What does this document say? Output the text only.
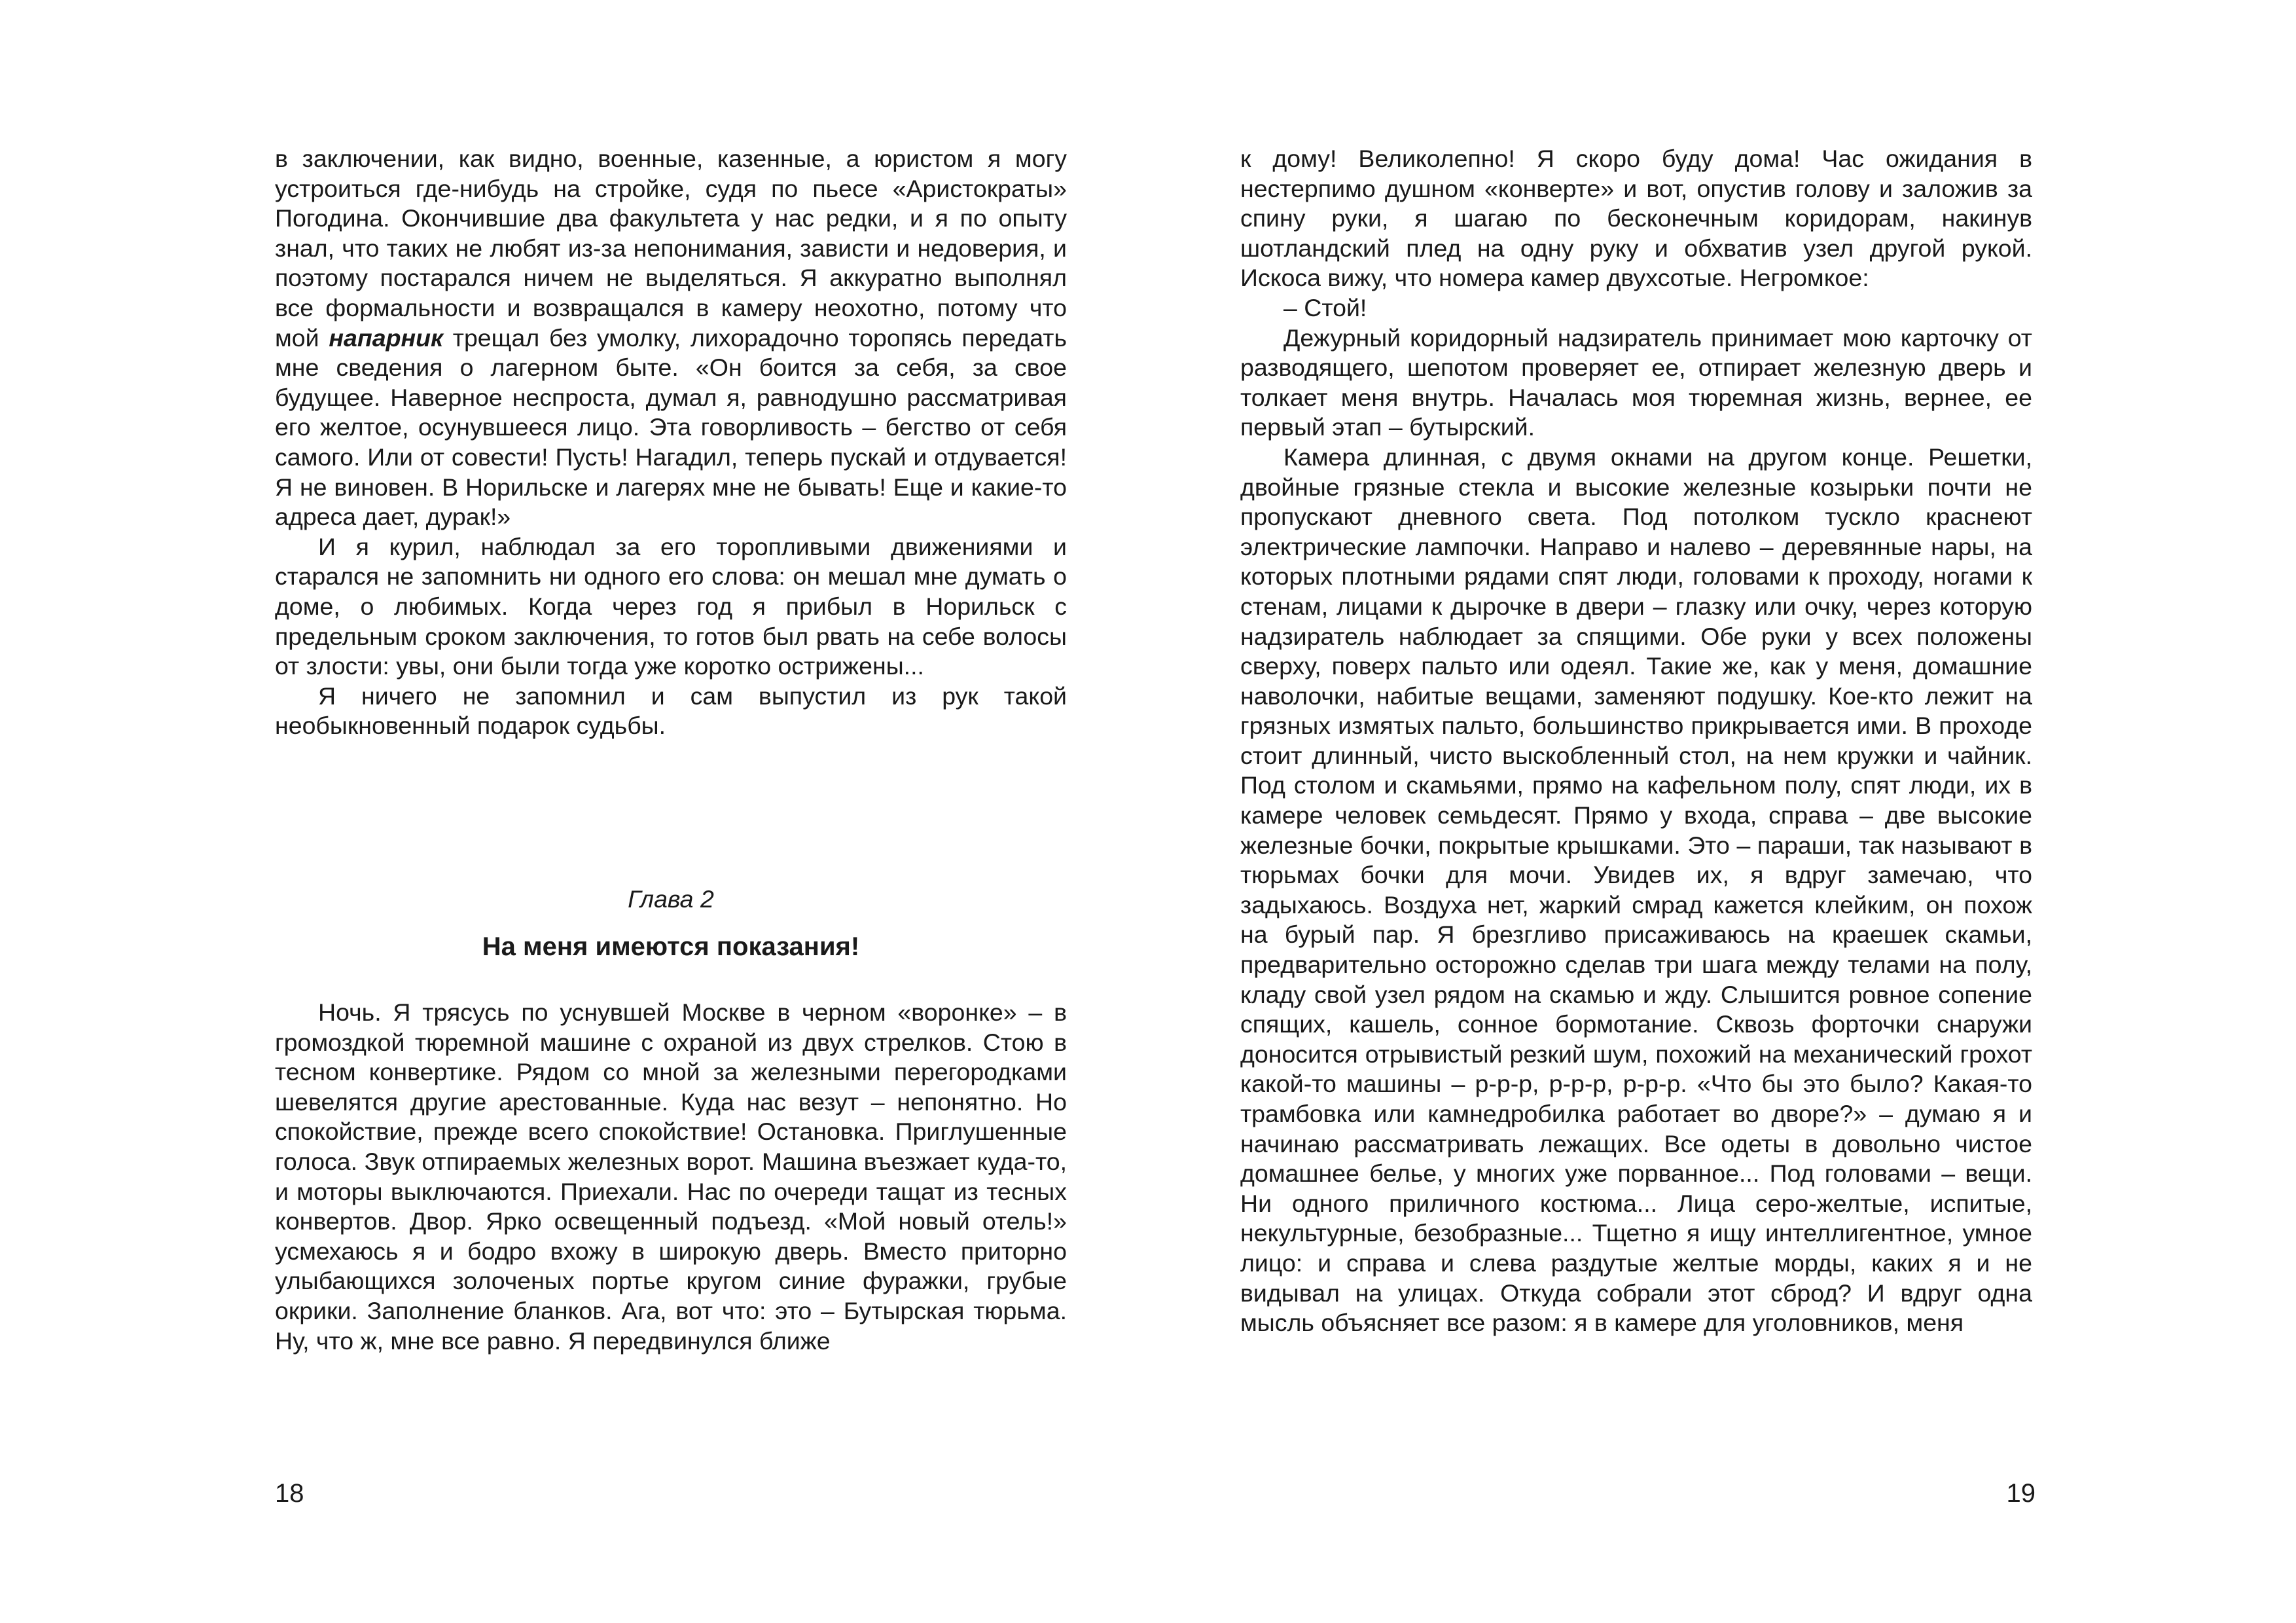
в заключении, как видно, военные, казенные, а юристом я могу устроиться где-нибудь на стройке, судя по пьесе «Аристократы» Погодина. Окончившие два факультета у нас редки, и я по опыту знал, что таких не любят из-за непонимания, зависти и недоверия, и поэтому постарался ничем не выделяться. Я аккуратно выполнял все формальности и возвращался в камеру неохотно, потому что мой напарник трещал без умолку, лихорадочно торопясь передать мне сведения о лагерном быте. «Он боится за себя, за свое будущее. Наверное неспроста, думал я, равнодушно рассматривая его желтое, осунувшееся лицо. Эта говорливость – бегство от себя самого. Или от совести! Пусть! Нагадил, теперь пускай и отдувается! Я не виновен. В Норильске и лагерях мне не бывать! Еще и какие-то адреса дает, дурак!»

И я курил, наблюдал за его торопливыми движениями и старался не запомнить ни одного его слова: он мешал мне думать о доме, о любимых. Когда через год я прибыл в Норильск с предельным сроком заключения, то готов был рвать на себе волосы от злости: увы, они были тогда уже коротко острижены...

Я ничего не запомнил и сам выпустил из рук такой необыкновенный подарок судьбы.

Глава 2
На меня имеются показания!

Ночь. Я трясусь по уснувшей Москве в черном «воронке» – в громоздкой тюремной машине с охраной из двух стрелков. Стою в тесном конвертике. Рядом со мной за железными перегородками шевелятся другие арестованные. Куда нас везут – непонятно. Но спокойствие, прежде всего спокойствие! Остановка. Приглушенные голоса. Звук отпираемых железных ворот. Машина въезжает куда-то, и моторы выключаются. Приехали. Нас по очереди тащат из тесных конвертов. Двор. Ярко освещенный подъезд. «Мой новый отель!» усмехаюсь я и бодро вхожу в широкую дверь. Вместо приторно улыбающихся золоченых портье кругом синие фуражки, грубые окрики. Заполнение бланков. Ага, вот что: это – Бутырская тюрьма. Ну, что ж, мне все равно. Я передвинулся ближе

к дому! Великолепно! Я скоро буду дома! Час ожидания в нестерпимо душном «конверте» и вот, опустив голову и заложив за спину руки, я шагаю по бесконечным коридорам, накинув шотландский плед на одну руку и обхватив узел другой рукой. Искоса вижу, что номера камер двухсотые. Негромкое:

– Стой!

Дежурный коридорный надзиратель принимает мою карточку от разводящего, шепотом проверяет ее, отпирает железную дверь и толкает меня внутрь. Началась моя тюремная жизнь, вернее, ее первый этап – бутырский.

Камера длинная, с двумя окнами на другом конце. Решетки, двойные грязные стекла и высокие железные козырьки почти не пропускают дневного света. Под потолком тускло краснеют электрические лампочки. Направо и налево – деревянные нары, на которых плотными рядами спят люди, головами к проходу, ногами к стенам, лицами к дырочке в двери – глазку или очку, через которую надзиратель наблюдает за спящими. Обе руки у всех положены сверху, поверх пальто или одеял. Такие же, как у меня, домашние наволочки, набитые вещами, заменяют подушку. Кое-кто лежит на грязных измятых пальто, большинство прикрывается ими. В проходе стоит длинный, чисто выскобленный стол, на нем кружки и чайник. Под столом и скамьями, прямо на кафельном полу, спят люди, их в камере человек семьдесят. Прямо у входа, справа – две высокие железные бочки, покрытые крышками. Это – параши, так называют в тюрьмах бочки для мочи. Увидев их, я вдруг замечаю, что задыхаюсь. Воздуха нет, жаркий смрад кажется клейким, он похож на бурый пар. Я брезгливо присаживаюсь на краешек скамьи, предварительно осторожно сделав три шага между телами на полу, кладу свой узел рядом на скамью и жду. Слышится ровное сопение спящих, кашель, сонное бормотание. Сквозь форточки снаружи доносится отрывистый резкий шум, похожий на механический грохот какой-то машины – р-р-р, р-р-р, р-р-р. «Что бы это было? Какая-то трамбовка или камнедробилка работает во дворе?» – думаю я и начинаю рассматривать лежащих. Все одеты в довольно чистое домашнее белье, у многих уже порванное... Под головами – вещи. Ни одного приличного костюма... Лица серо-желтые, испитые, некультурные, безобразные... Тщетно я ищу интеллигентное, умное лицо: и справа и слева раздутые желтые морды, каких я и не видывал на улицах. Откуда собрали этот сброд? И вдруг одна мысль объясняет все разом: я в камере для уголовников, меня

18	19
